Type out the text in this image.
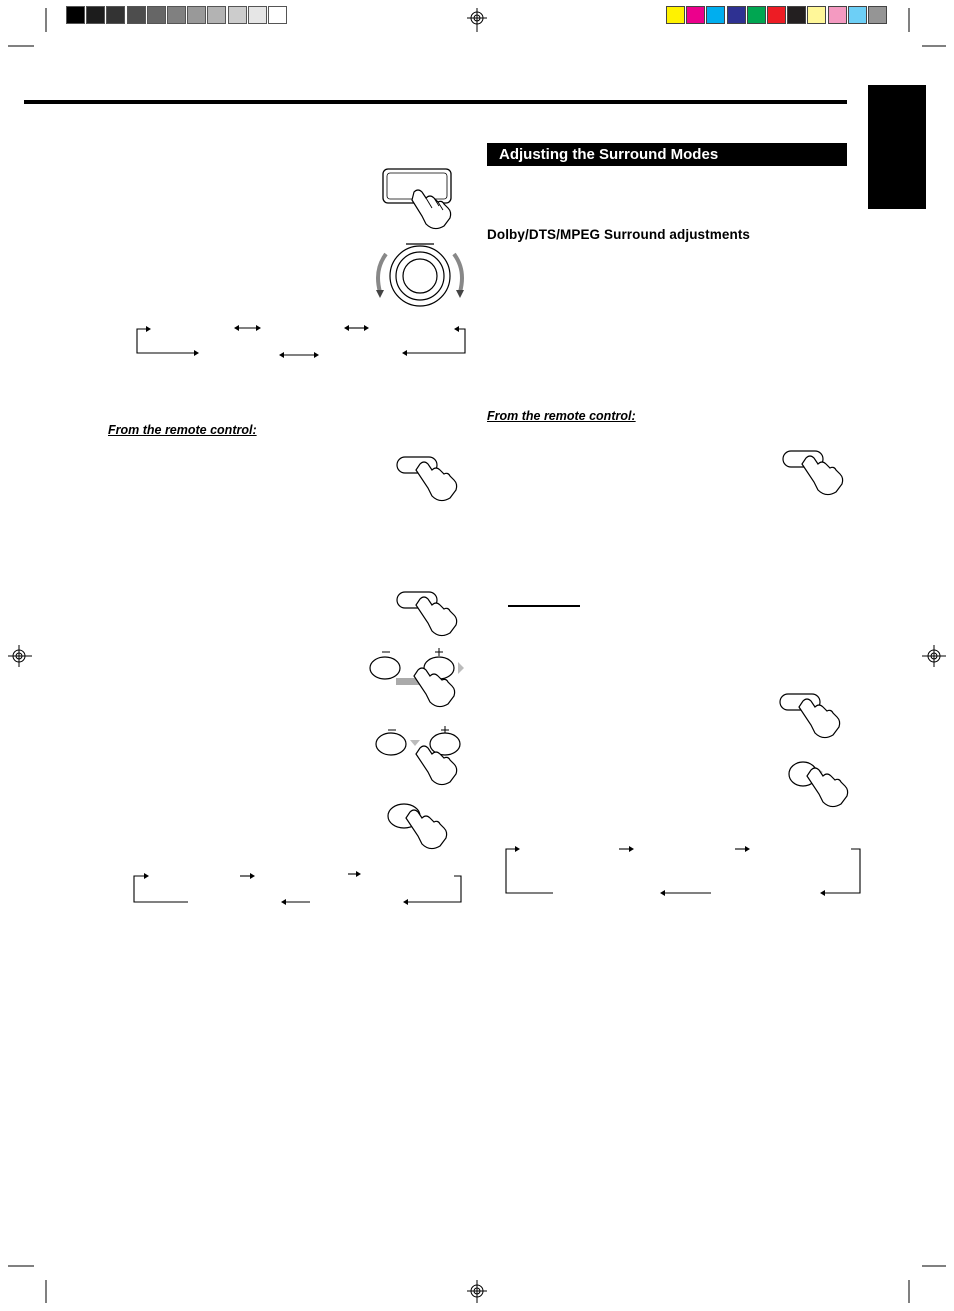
Adjusting the Surround Modes
Dolby/DTS/MPEG Surround adjustments
From the remote control:
From the remote control:
